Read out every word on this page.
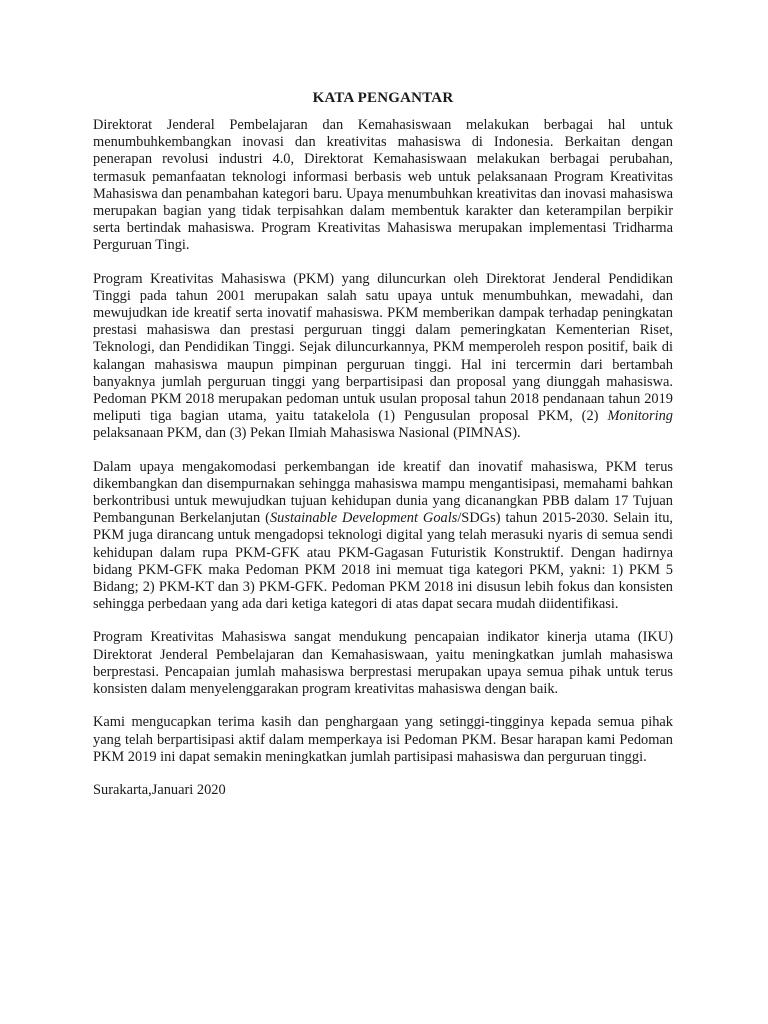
KATA PENGANTAR

Direktorat Jenderal Pembelajaran dan Kemahasiswaan melakukan berbagai hal untuk menumbuhkembangkan inovasi dan kreativitas mahasiswa di Indonesia. Berkaitan dengan penerapan revolusi industri 4.0, Direktorat Kemahasiswaan melakukan berbagai perubahan, termasuk pemanfaatan teknologi informasi berbasis web untuk pelaksanaan Program Kreativitas Mahasiswa dan penambahan kategori baru. Upaya menumbuhkan kreativitas dan inovasi mahasiswa merupakan bagian yang tidak terpisahkan dalam membentuk karakter dan keterampilan berpikir serta bertindak mahasiswa. Program Kreativitas Mahasiswa merupakan implementasi Tridharma Perguruan Tingi.

Program Kreativitas Mahasiswa (PKM) yang diluncurkan oleh Direktorat Jenderal Pendidikan Tinggi pada tahun 2001 merupakan salah satu upaya untuk menumbuhkan, mewadahi, dan mewujudkan ide kreatif serta inovatif mahasiswa. PKM memberikan dampak terhadap peningkatan prestasi mahasiswa dan prestasi perguruan tinggi dalam pemeringkatan Kementerian Riset, Teknologi, dan Pendidikan Tinggi. Sejak diluncurkannya, PKM memperoleh respon positif, baik di kalangan mahasiswa maupun pimpinan perguruan tinggi. Hal ini tercermin dari bertambah banyaknya jumlah perguruan tinggi yang berpartisipasi dan proposal yang diunggah mahasiswa. Pedoman PKM 2018 merupakan pedoman untuk usulan proposal tahun 2018 pendanaan tahun 2019 meliputi tiga bagian utama, yaitu tatakelola (1) Pengusulan proposal PKM, (2) Monitoring pelaksanaan PKM, dan (3) Pekan Ilmiah Mahasiswa Nasional (PIMNAS).

Dalam upaya mengakomodasi perkembangan ide kreatif dan inovatif mahasiswa, PKM terus dikembangkan dan disempurnakan sehingga mahasiswa mampu mengantisipasi, memahami bahkan berkontribusi untuk mewujudkan tujuan kehidupan dunia yang dicanangkan PBB dalam 17 Tujuan Pembangunan Berkelanjutan (Sustainable Development Goals/SDGs) tahun 2015-2030. Selain itu, PKM juga dirancang untuk mengadopsi teknologi digital yang telah merasuki nyaris di semua sendi kehidupan dalam rupa PKM-GFK atau PKM-Gagasan Futuristik Konstruktif. Dengan hadirnya bidang PKM-GFK maka Pedoman PKM 2018 ini memuat tiga kategori PKM, yakni: 1) PKM 5 Bidang; 2) PKM-KT dan 3) PKM-GFK. Pedoman PKM 2018 ini disusun lebih fokus dan konsisten sehingga perbedaan yang ada dari ketiga kategori di atas dapat secara mudah diidentifikasi.

Program Kreativitas Mahasiswa sangat mendukung pencapaian indikator kinerja utama (IKU) Direktorat Jenderal Pembelajaran dan Kemahasiswaan, yaitu meningkatkan jumlah mahasiswa berprestasi. Pencapaian jumlah mahasiswa berprestasi merupakan upaya semua pihak untuk terus konsisten dalam menyelenggarakan program kreativitas mahasiswa dengan baik.

Kami mengucapkan terima kasih dan penghargaan yang setinggi-tingginya kepada semua pihak yang telah berpartisipasi aktif dalam memperkaya isi Pedoman PKM. Besar harapan kami Pedoman PKM 2019 ini dapat semakin meningkatkan jumlah partisipasi mahasiswa dan perguruan tinggi.

Surakarta,Januari 2020
